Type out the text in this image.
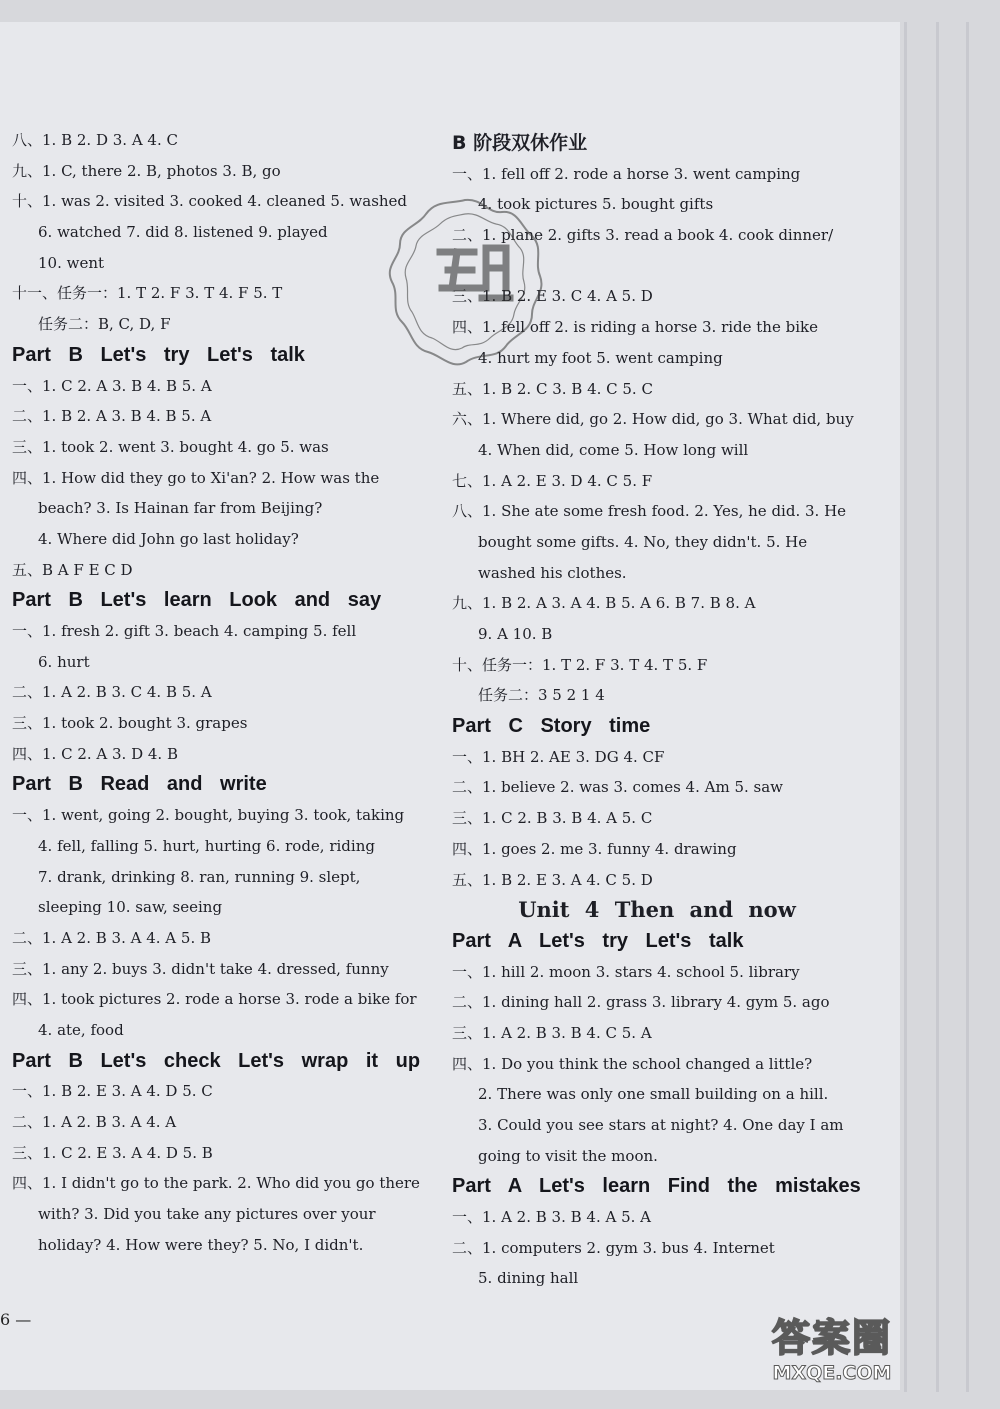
八、1. B 2. D 3. A 4. C
九、1. C, there 2. B, photos 3. B, go
十、1. was 2. visited 3. cooked 4. cleaned 5. washed
6. watched 7. did 8. listened 9. played
10. went
十一、任务一：1. T 2. F 3. T 4. F 5. T
任务二：B, C, D, F
Part B Let's try Let's talk
一、1. C 2. A 3. B 4. B 5. A
二、1. B 2. A 3. B 4. B 5. A
三、1. took 2. went 3. bought 4. go 5. was
四、1. How did they go to Xi'an? 2. How was the
beach? 3. Is Hainan far from Beijing?
4. Where did John go last holiday?
五、B A F E C D
Part B Let's learn Look and say
一、1. fresh 2. gift 3. beach 4. camping 5. fell
6. hurt
二、1. A 2. B 3. C 4. B 5. A
三、1. took 2. bought 3. grapes
四、1. C 2. A 3. D 4. B
Part B Read and write
一、1. went, going 2. bought, buying 3. took, taking
4. fell, falling 5. hurt, hurting 6. rode, riding
7. drank, drinking 8. ran, running 9. slept,
sleeping 10. saw, seeing
二、1. A 2. B 3. A 4. A 5. B
三、1. any 2. buys 3. didn't take 4. dressed, funny
四、1. took pictures 2. rode a horse 3. rode a bike for
4. ate, food
Part B Let's check Let's wrap it up
一、1. B 2. E 3. A 4. D 5. C
二、1. A 2. B 3. A 4. A
三、1. C 2. E 3. A 4. D 5. B
四、1. I didn't go to the park. 2. Who did you go there
with? 3. Did you take any pictures over your
holiday? 4. How were they? 5. No, I didn't.
B 阶段双休作业
一、1. fell off 2. rode a horse 3. went camping
4. took pictures 5. bought gifts
二、1. plane 2. gifts 3. read a book 4. cook dinner/
三、1. B 2. E 3. C 4. A 5. D
四、1. fell off 2. is riding a horse 3. ride the bike
4. hurt my foot 5. went camping
五、1. B 2. C 3. B 4. C 5. C
六、1. Where did, go 2. How did, go 3. What did, buy
4. When did, come 5. How long will
七、1. A 2. E 3. D 4. C 5. F
八、1. She ate some fresh food. 2. Yes, he did. 3. He
bought some gifts. 4. No, they didn't. 5. He
washed his clothes.
九、1. B 2. A 3. A 4. B 5. A 6. B 7. B 8. A
9. A 10. B
十、任务一：1. T 2. F 3. T 4. T 5. F
任务二：3 5 2 1 4
Part C Story time
一、1. BH 2. AE 3. DG 4. CF
二、1. believe 2. was 3. comes 4. Am 5. saw
三、1. C 2. B 3. B 4. A 5. C
四、1. goes 2. me 3. funny 4. drawing
五、1. B 2. E 3. A 4. C 5. D
Unit 4 Then and now
Part A Let's try Let's talk
一、1. hill 2. moon 3. stars 4. school 5. library
二、1. dining hall 2. grass 3. library 4. gym 5. ago
三、1. A 2. B 3. B 4. C 5. A
四、1. Do you think the school changed a little?
2. There was only one small building on a hill.
3. Could you see stars at night? 4. One day I am
going to visit the moon.
Part A Let's learn Find the mistakes
一、1. A 2. B 3. B 4. A 5. A
二、1. computers 2. gym 3. bus 4. Internet
5. dining hall
6 —	答案圈
MXQE.COM
